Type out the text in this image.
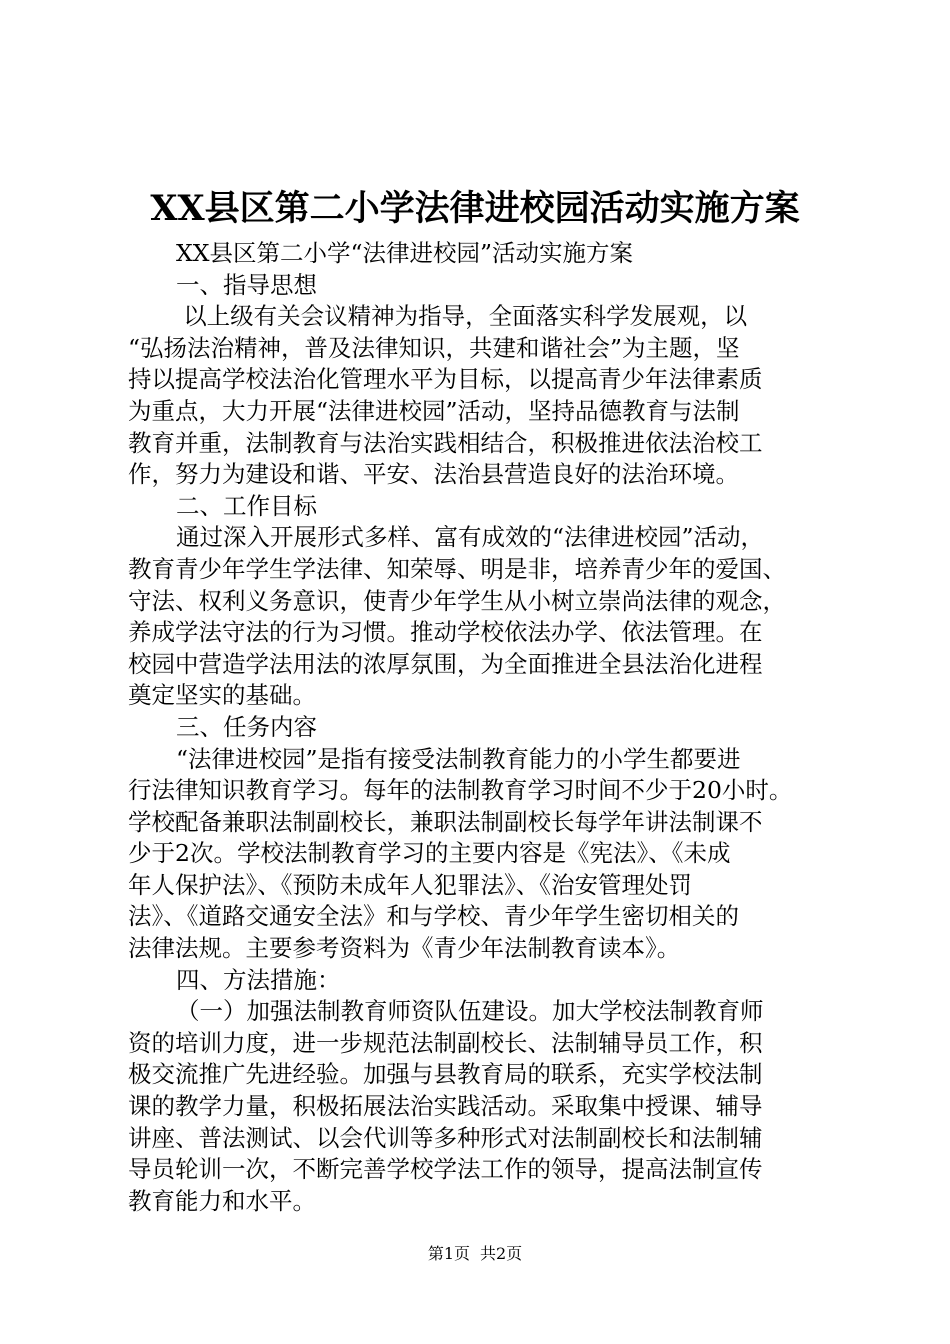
XX县区第二小学法律进校园活动实施方案
XX县区第二小学“法律进校园”活动实施方案
一、指导思想
以上级有关会议精神为指导，全面落实科学发展观，以
“弘扬法治精神，普及法律知识，共建和谐社会”为主题，坚
持以提高学校法治化管理水平为目标，以提高青少年法律素质
为重点，大力开展“法律进校园”活动，坚持品德教育与法制
教育并重，法制教育与法治实践相结合，积极推进依法治校工
作，努力为建设和谐、平安、法治县营造良好的法治环境。
二、工作目标
通过深入开展形式多样、富有成效的“法律进校园”活动，
教育青少年学生学法律、知荣辱、明是非，培养青少年的爱国、
守法、权利义务意识，使青少年学生从小树立崇尚法律的观念，
养成学法守法的行为习惯。推动学校依法办学、依法管理。在
校园中营造学法用法的浓厚氛围，为全面推进全县法治化进程
奠定坚实的基础。
三、任务内容
“法律进校园”是指有接受法制教育能力的小学生都要进
行法律知识教育学习。每年的法制教育学习时间不少于20小时。
学校配备兼职法制副校长，兼职法制副校长每学年讲法制课不
少于2次。学校法制教育学习的主要内容是《宪法》、《未成
年人保护法》、《预防未成年人犯罪法》、《治安管理处罚
法》、《道路交通安全法》和与学校、青少年学生密切相关的
法律法规。主要参考资料为《青少年法制教育读本》。
四、方法措施：
（一）加强法制教育师资队伍建设。加大学校法制教育师
资的培训力度，进一步规范法制副校长、法制辅导员工作，积
极交流推广先进经验。加强与县教育局的联系，充实学校法制
课的教学力量，积极拓展法治实践活动。采取集中授课、辅导
讲座、普法测试、以会代训等多种形式对法制副校长和法制辅
导员轮训一次，不断完善学校学法工作的领导，提高法制宣传
教育能力和水平。
第1页 共2页
